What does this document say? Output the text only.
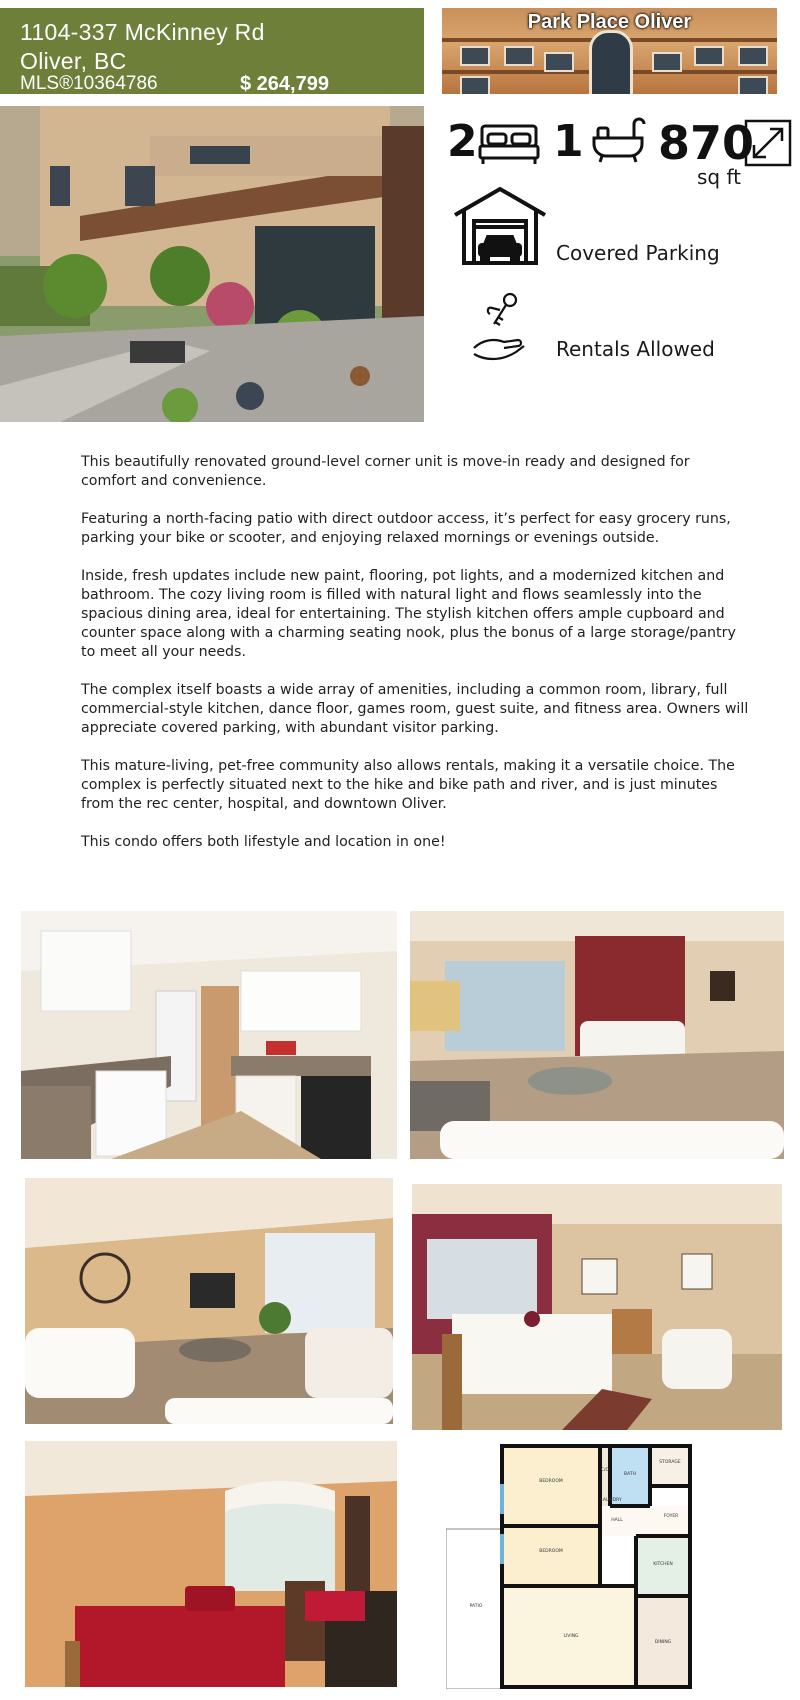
1104-337 McKinney Rd
Oliver, BC
MLS®10364786	$ 264,799
Park Place Oliver
2 1 870
sq ft
Covered Parking
Rentals Allowed

This beautifully renovated ground-level corner unit is move-in ready and designed for comfort and convenience.

Featuring a north-facing patio with direct outdoor access, it’s perfect for easy grocery runs, parking your bike or scooter, and enjoying relaxed mornings or evenings outside.

Inside, fresh updates include new paint, flooring, pot lights, and a modernized kitchen and bathroom. The cozy living room is filled with natural light and flows seamlessly into the spacious dining area, ideal for entertaining. The stylish kitchen offers ample cupboard and counter space along with a charming seating nook, plus the bonus of a large storage/pantry to meet all your needs.

The complex itself boasts a wide array of amenities, including a common room, library, full commercial-style kitchen, dance floor, games room, guest suite, and fitness area. Owners will appreciate covered parking, with abundant visitor parking.

This mature-living, pet-free community also allows rentals, making it a versatile choice. The complex is perfectly situated next to the hike and bike path and river, and is just minutes from the rec center, hospital, and downtown Oliver.

This condo offers both lifestyle and location in one!

BEDROOM
BEDROOM
BATH
LAUNDRY
HALL
STORAGE
FOYER
KITCHEN
LIVING
DINING
PATIO
C/O
